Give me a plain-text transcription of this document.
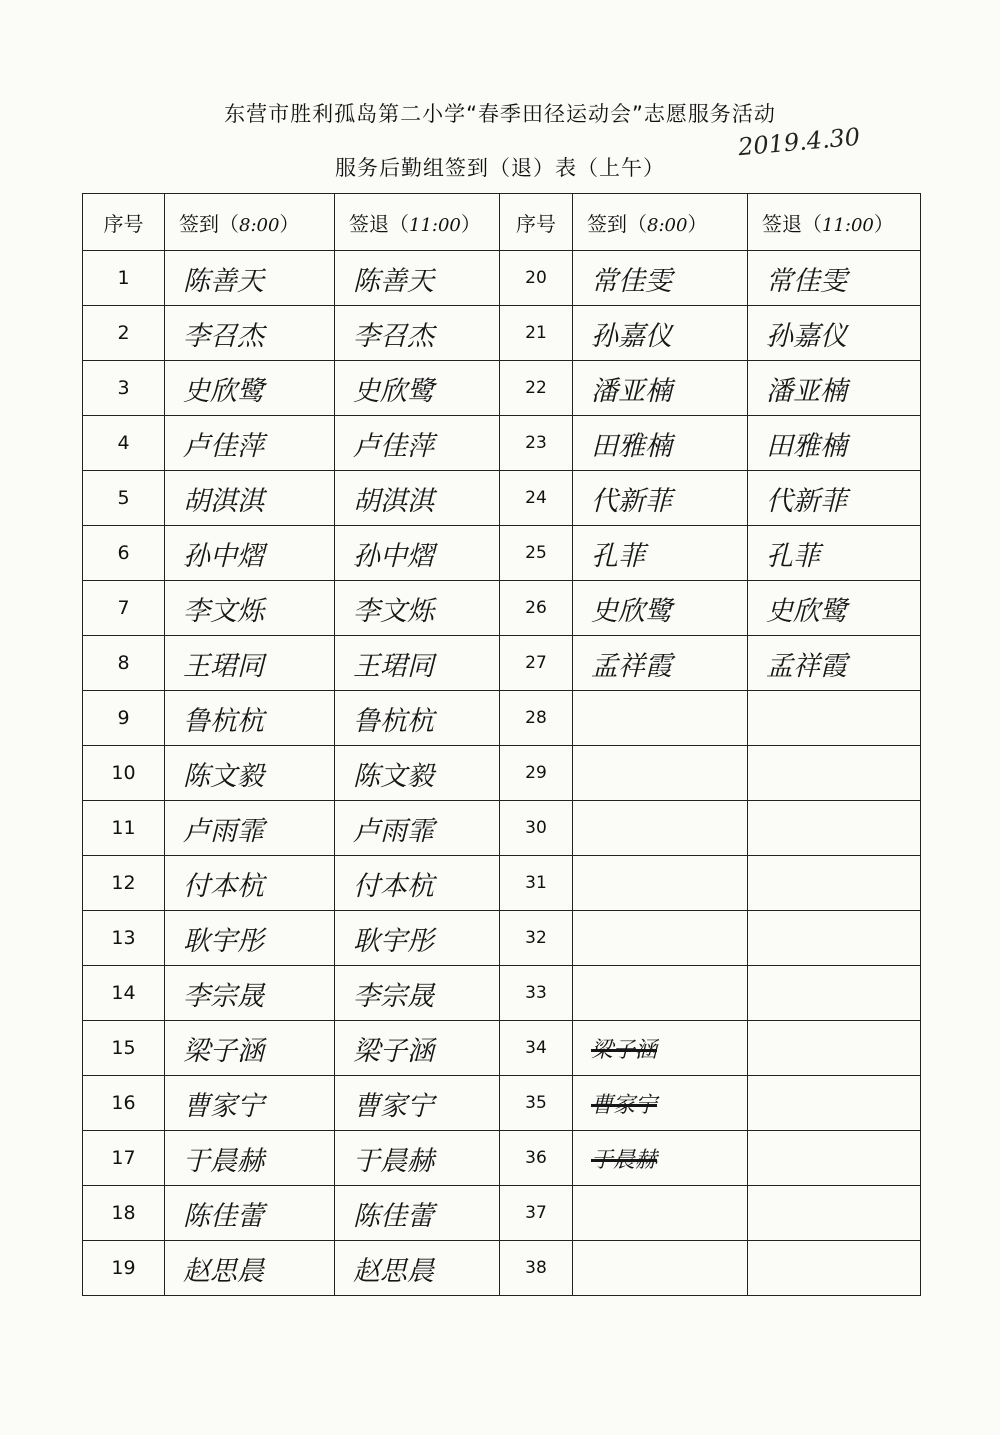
东营市胜利孤岛第二小学“春季田径运动会”志愿服务活动
服务后勤组签到（退）表（上午）
2019.4.30
序号	签到（8:00）	签退（11:00）	序号	签到（8:00）	签退（11:00）
1	陈善天	陈善天	20	常佳雯	常佳雯
2	李召杰	李召杰	21	孙嘉仪	孙嘉仪
3	史欣鹭	史欣鹭	22	潘亚楠	潘亚楠
4	卢佳萍	卢佳萍	23	田雅楠	田雅楠
5	胡淇淇	胡淇淇	24	代新菲	代新菲
6	孙中熠	孙中熠	25	孔菲	孔菲
7	李文烁	李文烁	26	史欣鹭	史欣鹭
8	王珺同	王珺同	27	孟祥霞	孟祥霞
9	鲁杭杭	鲁杭杭	28		
10	陈文毅	陈文毅	29		
11	卢雨霏	卢雨霏	30		
12	付本杭	付本杭	31		
13	耿宇彤	耿宇彤	32		
14	李宗晟	李宗晟	33		
15	梁子涵	梁子涵	34	梁子涵	
16	曹家宁	曹家宁	35	曹家宁	
17	于晨赫	于晨赫	36	于晨赫	
18	陈佳蕾	陈佳蕾	37		
19	赵思晨	赵思晨	38		
